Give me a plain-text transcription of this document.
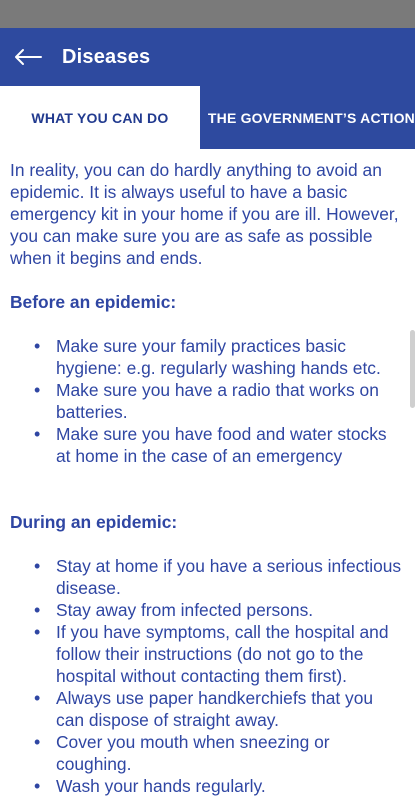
Diseases
WHAT YOU CAN DO	THE GOVERNMENT’S ACTION

In reality, you can do hardly anything to avoid an epidemic. It is always useful to have a basic emergency kit in your home if you are ill. However, you can make sure you are as safe as possible when it begins and ends.

Before an epidemic:
• Make sure your family practices basic hygiene: e.g. regularly washing hands etc.
• Make sure you have a radio that works on batteries.
• Make sure you have food and water stocks at home in the case of an emergency
During an epidemic:
• Stay at home if you have a serious infectious disease.
• Stay away from infected persons.
• If you have symptoms, call the hospital and follow their instructions (do not go to the hospital without contacting them first).
• Always use paper handkerchiefs that you can dispose of straight away.
• Cover you mouth when sneezing or coughing.
• Wash your hands regularly.
